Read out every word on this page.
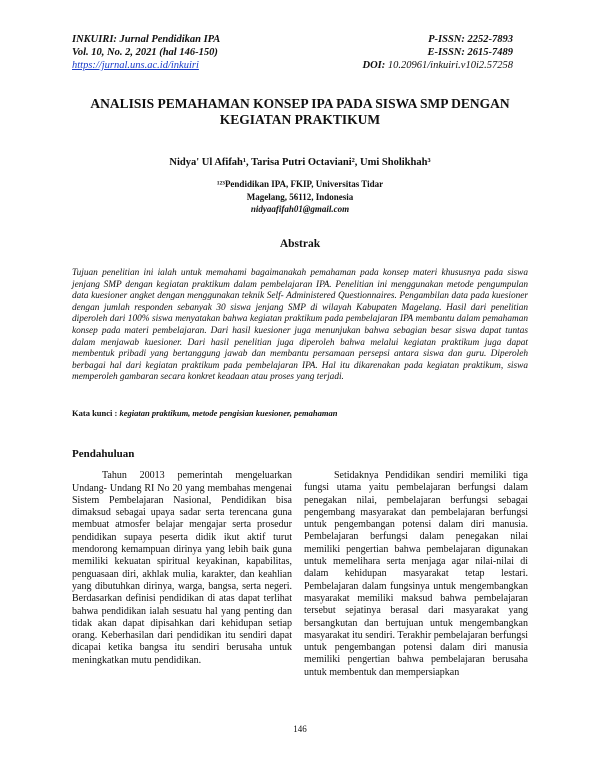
INKUIRI: Jurnal Pendidikan IPA
Vol. 10, No. 2, 2021 (hal 146-150)
https://jurnal.uns.ac.id/inkuiri
P-ISSN: 2252-7893
E-ISSN: 2615-7489
DOI: 10.20961/inkuiri.v10i2.57258
ANALISIS PEMAHAMAN KONSEP IPA PADA SISWA SMP DENGAN KEGIATAN PRAKTIKUM
Nidya' Ul Afifah¹, Tarisa Putri Octaviani², Umi Sholikhah³
¹²³Pendidikan IPA, FKIP, Universitas Tidar
Magelang, 56112, Indonesia
nidyaafifah01@gmail.com
Abstrak
Tujuan penelitian ini ialah untuk memahami bagaimanakah pemahaman pada konsep materi khususnya pada siswa jenjang SMP dengan kegiatan praktikum dalam pembelajaran IPA. Penelitian ini menggunakan metode pengumpulan data kuesioner angket dengan menggunakan teknik Self- Administered Questionnaires. Pengambilan data pada kuesioner dengan jumlah responden sebanyak 30 siswa jenjang SMP di wilayah Kabupaten Magelang. Hasil dari penelitian diperoleh dari 100% siswa menyatakan bahwa kegiatan praktikum pada pembelajaran IPA membantu dalam pemahaman konsep pada materi pembelajaran. Dari hasil kuesioner juga menunjukan bahwa sebagian besar siswa dapat tuntas dalam menjawab kuesioner. Dari hasil penelitian juga diperoleh bahwa melalui kegiatan praktikum juga dapat membentuk pribadi yang bertanggung jawab dan membantu persamaan persepsi antara siswa dan guru. Diperoleh berbagai hal dari kegiatan praktikum pada pembelajaran IPA. Hal itu dikarenakan pada kegiatan praktikum, siswa memperoleh gambaran secara konkret keadaan atau proses yang terjadi.
Kata kunci : kegiatan praktikum, metode pengisian kuesioner, pemahaman
Pendahuluan

Tahun 20013 pemerintah mengeluarkan Undang- Undang RI No 20 yang membahas mengenai Sistem Pembelajaran Nasional, Pendidikan bisa dimaksud sebagai upaya sadar serta terencana guna membuat atmosfer belajar mengajar serta prosedur pendidikan supaya peserta didik ikut aktif turut mendorong kemampuan dirinya yang lebih baik guna memiliki kekuatan spiritual keyakinan, kapabilitas, penguasaan diri, akhlak mulia, karakter, dan keahlian yang dibutuhkan dirinya, warga, bangsa, serta negeri. Berdasarkan definisi pendidikan di atas dapat terlihat bahwa pendidikan ialah sesuatu hal yang penting dan tidak akan dapat dipisahkan dari kehidupan setiap orang. Keberhasilan dari pendidikan itu sendiri dapat dicapai ketika bangsa itu sendiri berusaha untuk meningkatkan mutu pendidikan.

Setidaknya Pendidikan sendiri memiliki tiga fungsi utama yaitu pembelajaran berfungsi dalam penegakan nilai, pembelajaran berfungsi sebagai pengembang masyarakat dan pembelajaran berfungsi untuk pengembangan potensi dalam diri manusia. Pembelajaran berfungsi dalam penegakan nilai memiliki pengertian bahwa pembelajaran digunakan untuk memelihara serta menjaga agar nilai-nilai di dalam kehidupan masyarakat tetap lestari. Pembelajaran dalam fungsinya untuk mengembangkan masyarakat memiliki maksud bahwa pembelajaran tersebut sejatinya berasal dari masyarakat yang bersangkutan dan bertujuan untuk mengembangkan masyarakat itu sendiri. Terakhir pembelajaran berfungsi untuk pengembangan potensi dalam diri manusia memiliki pengertian bahwa pembelajaran berusaha untuk membentuk dan mempersiapkan

146
